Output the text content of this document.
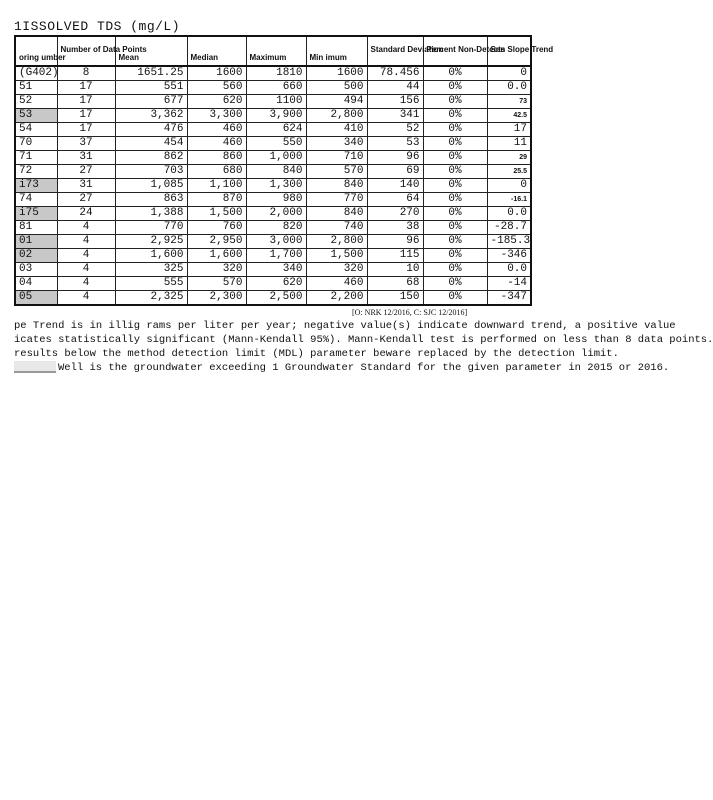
1ISSOLVED TDS (mg/L)
oring umber	Number of Data Points	Mean	Median	Maximum	Min imum	Standard Deviation	Percent Non-Detects	Sen Slope Trend
(G402)	8	1651.25	1600	1810	1600	78.456	0%	0
51	17	551	560	660	500	44	0%	0.0
52	17	677	620	1100	494	156	0%	73
53	17	3,362	3,300	3,900	2,800	341	0%	42.5
54	17	476	460	624	410	52	0%	17
70	37	454	460	550	340	53	0%	11
71	31	862	860	1,000	710	96	0%	29
72	27	703	680	840	570	69	0%	25.5
i73	31	1,085	1,100	1,300	840	140	0%	0
74	27	863	870	980	770	64	0%	-16.1
i75	24	1,388	1,500	2,000	840	270	0%	0.0
81	4	770	760	820	740	38	0%	-28.7
01	4	2,925	2,950	3,000	2,800	96	0%	-185.3
02	4	1,600	1,600	1,700	1,500	115	0%	-346
03	4	325	320	340	320	10	0%	0.0
04	4	555	570	620	460	68	0%	-14
05	4	2,325	2,300	2,500	2,200	150	0%	-347
[O: NRK 12/2016, C: SJC 12/2016]

pe Trend is in illig rams per liter per year; negative value(s) indicate downward trend, a positive value

icates statistically significant (Mann-Kendall 95%). Mann-Kendall test is performed on less than 8 data points.

results below the method detection limit (MDL) parameter beware replaced by the detection limit.

Well is the groundwater exceeding 1 Groundwater Standard for the given parameter in 2015 or 2016.
